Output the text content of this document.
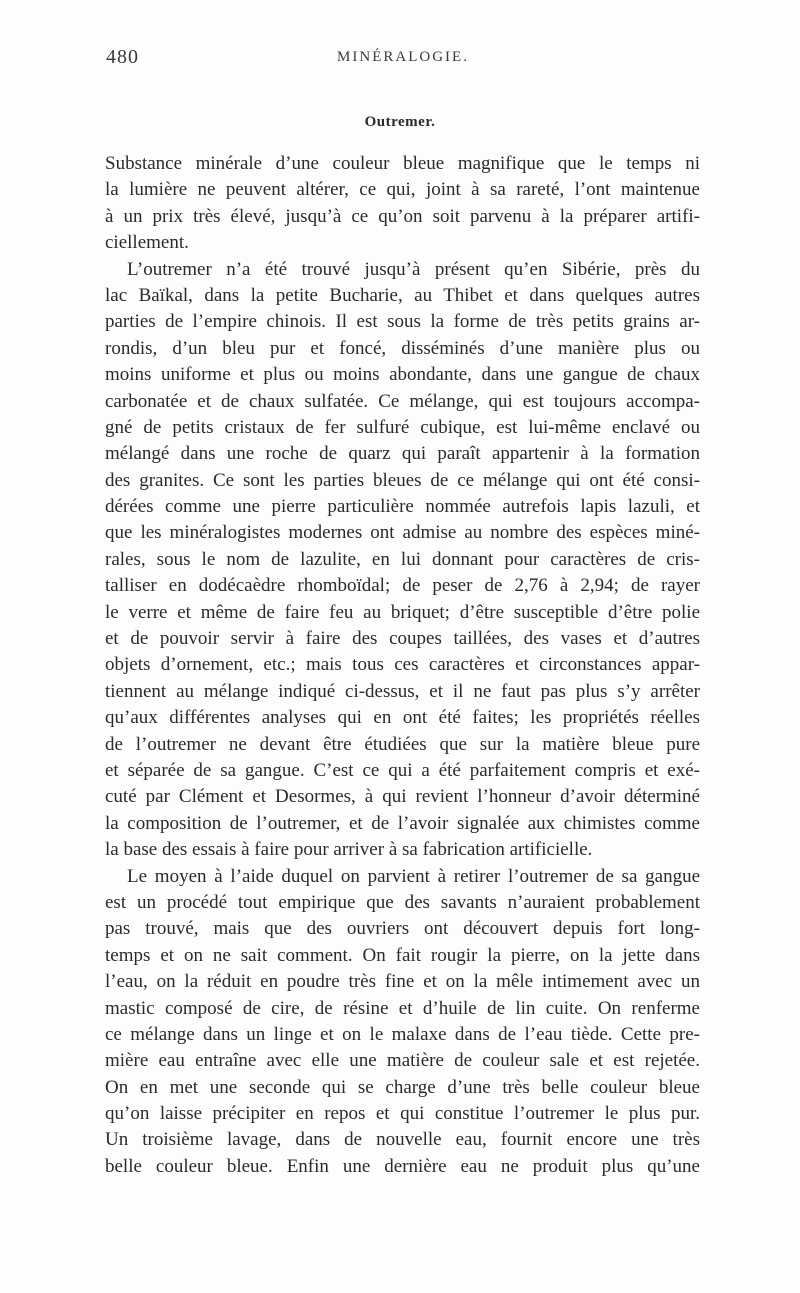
480	MINÉRALOGIE.
Outremer.
Substance minérale d’une couleur bleue magnifique que le temps ni
la lumière ne peuvent altérer, ce qui, joint à sa rareté, l’ont maintenue
à un prix très élevé, jusqu’à ce qu’on soit parvenu à la préparer artifi-
ciellement.
L’outremer n’a été trouvé jusqu’à présent qu’en Sibérie, près du
lac Baïkal, dans la petite Bucharie, au Thibet et dans quelques autres
parties de l’empire chinois. Il est sous la forme de très petits grains ar-
rondis, d’un bleu pur et foncé, disséminés d’une manière plus ou
moins uniforme et plus ou moins abondante, dans une gangue de chaux
carbonatée et de chaux sulfatée. Ce mélange, qui est toujours accompa-
gné de petits cristaux de fer sulfuré cubique, est lui-même enclavé ou
mélangé dans une roche de quarz qui paraît appartenir à la formation
des granites. Ce sont les parties bleues de ce mélange qui ont été consi-
dérées comme une pierre particulière nommée autrefois lapis lazuli, et
que les minéralogistes modernes ont admise au nombre des espèces miné-
rales, sous le nom de lazulite, en lui donnant pour caractères de cris-
talliser en dodécaèdre rhomboïdal; de peser de 2,76 à 2,94; de rayer
le verre et même de faire feu au briquet; d’être susceptible d’être polie
et de pouvoir servir à faire des coupes taillées, des vases et d’autres
objets d’ornement, etc.; mais tous ces caractères et circonstances appar-
tiennent au mélange indiqué ci-dessus, et il ne faut pas plus s’y arrêter
qu’aux différentes analyses qui en ont été faites; les propriétés réelles
de l’outremer ne devant être étudiées que sur la matière bleue pure
et séparée de sa gangue. C’est ce qui a été parfaitement compris et exé-
cuté par Clément et Desormes, à qui revient l’honneur d’avoir déterminé
la composition de l’outremer, et de l’avoir signalée aux chimistes comme
la base des essais à faire pour arriver à sa fabrication artificielle.
Le moyen à l’aide duquel on parvient à retirer l’outremer de sa gangue
est un procédé tout empirique que des savants n’auraient probablement
pas trouvé, mais que des ouvriers ont découvert depuis fort long-
temps et on ne sait comment. On fait rougir la pierre, on la jette dans
l’eau, on la réduit en poudre très fine et on la mêle intimement avec un
mastic composé de cire, de résine et d’huile de lin cuite. On renferme
ce mélange dans un linge et on le malaxe dans de l’eau tiède. Cette pre-
mière eau entraîne avec elle une matière de couleur sale et est rejetée.
On en met une seconde qui se charge d’une très belle couleur bleue
qu’on laisse précipiter en repos et qui constitue l’outremer le plus pur.
Un troisième lavage, dans de nouvelle eau, fournit encore une très
belle couleur bleue. Enfin une dernière eau ne produit plus qu’une
